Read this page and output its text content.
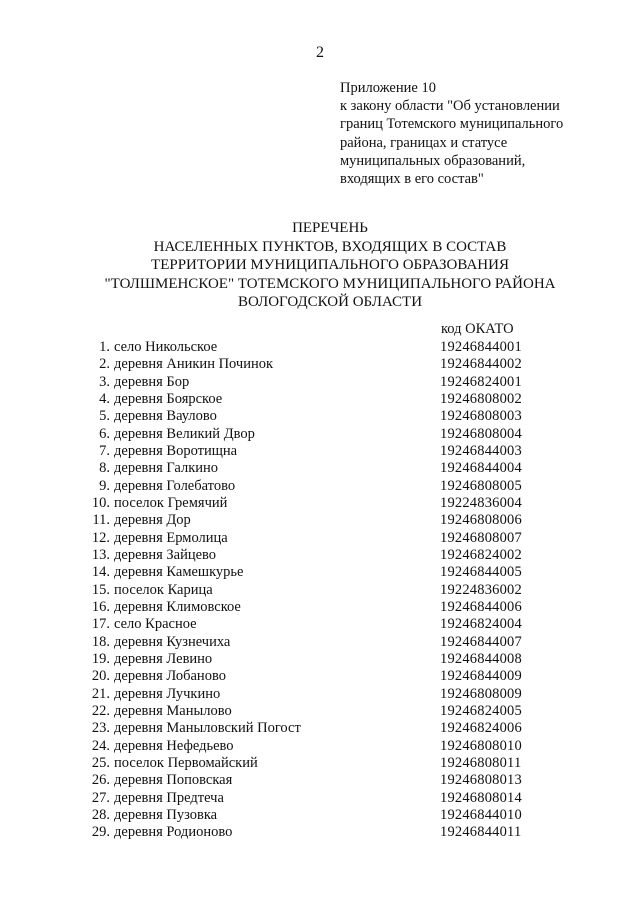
2
Приложение 10
к закону области "Об установлении
границ Тотемского муниципального
района, границах и статусе
муниципальных образований,
входящих в его состав"
ПЕРЕЧЕНЬ
НАСЕЛЕННЫХ ПУНКТОВ, ВХОДЯЩИХ В СОСТАВ
ТЕРРИТОРИИ МУНИЦИПАЛЬНОГО ОБРАЗОВАНИЯ
"ТОЛШМЕНСКОЕ" ТОТЕМСКОГО МУНИЦИПАЛЬНОГО РАЙОНА
ВОЛОГОДСКОЙ ОБЛАСТИ
код ОКАТО
1. село Никольское	19246844001
2. деревня Аникин Починок	19246844002
3. деревня Бор	19246824001
4. деревня Боярское	19246808002
5. деревня Ваулово	19246808003
6. деревня Великий Двор	19246808004
7. деревня Воротищна	19246844003
8. деревня Галкино	19246844004
9. деревня Голебатово	19246808005
10. поселок Гремячий	19224836004
11. деревня Дор	19246808006
12. деревня Ермолица	19246808007
13. деревня Зайцево	19246824002
14. деревня Камешкурье	19246844005
15. поселок Карица	19224836002
16. деревня Климовское	19246844006
17. село Красное	19246824004
18. деревня Кузнечиха	19246844007
19. деревня Левино	19246844008
20. деревня Лобаново	19246844009
21. деревня Лучкино	19246808009
22. деревня Манылово	19246824005
23. деревня Маныловский Погост	19246824006
24. деревня Нефедьево	19246808010
25. поселок Первомайский	19246808011
26. деревня Поповская	19246808013
27. деревня Предтеча	19246808014
28. деревня Пузовка	19246844010
29. деревня Родионово	19246844011
